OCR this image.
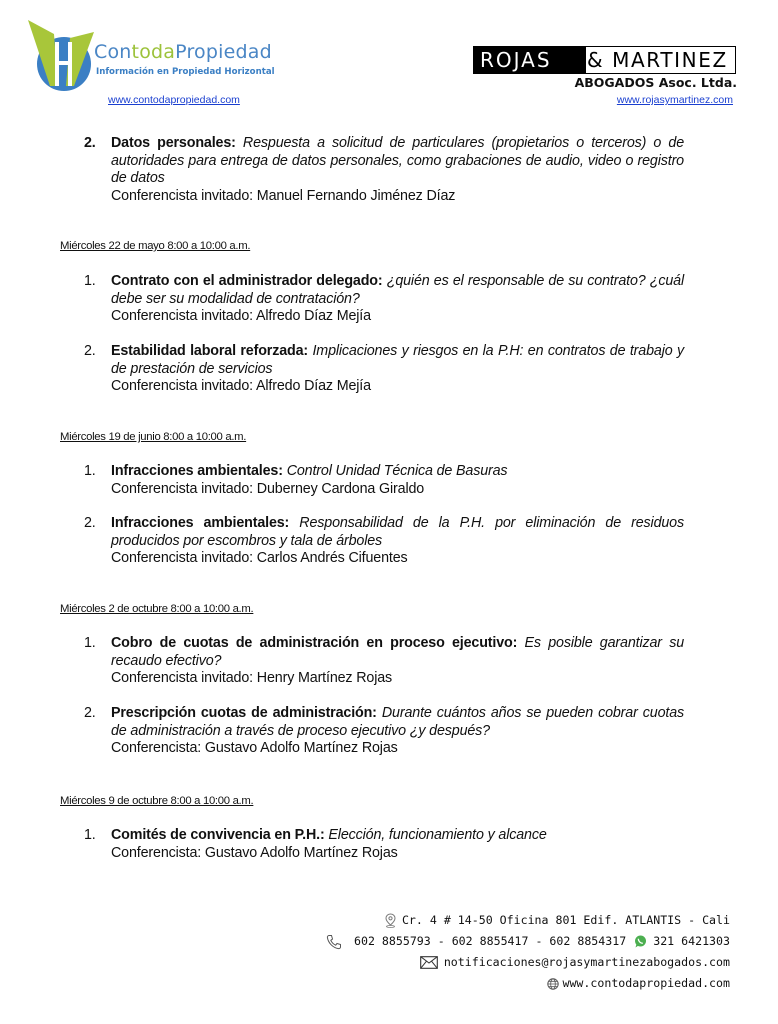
ContodaPropiedad
Información en Propiedad Horizontal
www.contodapropiedad.com
ROJAS	& MARTINEZ
ABOGADOS Asoc. Ltda.
www.rojasymartinez.com
2. Datos personales: Respuesta a solicitud de particulares (propietarios o terceros) o de autoridades para entrega de datos personales, como grabaciones de audio, video o registro de datos
Conferencista invitado: Manuel Fernando Jiménez Díaz
Miércoles 22 de mayo 8:00 a 10:00 a.m.
1. Contrato con el administrador delegado: ¿quién es el responsable de su contrato? ¿cuál debe ser su modalidad de contratación?
Conferencista invitado: Alfredo Díaz Mejía
2. Estabilidad laboral reforzada: Implicaciones y riesgos en la P.H: en contratos de trabajo y de prestación de servicios
Conferencista invitado: Alfredo Díaz Mejía
Miércoles 19 de junio 8:00 a 10:00 a.m.
1. Infracciones ambientales: Control Unidad Técnica de Basuras
Conferencista invitado: Duberney Cardona Giraldo
2. Infracciones ambientales: Responsabilidad de la P.H. por eliminación de residuos producidos por escombros y tala de árboles
Conferencista invitado: Carlos Andrés Cifuentes
Miércoles 2 de octubre 8:00 a 10:00 a.m.
1. Cobro de cuotas de administración en proceso ejecutivo: Es posible garantizar su recaudo efectivo?
Conferencista invitado: Henry Martínez Rojas
2. Prescripción cuotas de administración: Durante cuántos años se pueden cobrar cuotas de administración a través de proceso ejecutivo ¿y después?
Conferencista: Gustavo Adolfo Martínez Rojas
Miércoles 9 de octubre 8:00 a 10:00 a.m.
1. Comités de convivencia en P.H.: Elección, funcionamiento y alcance
Conferencista: Gustavo Adolfo Martínez Rojas
Cr. 4 # 14-50 Oficina 801 Edif. ATLANTIS - Cali
602 8855793 - 602 8855417 - 602 8854317 321 6421303
notificaciones@rojasymartinezabogados.com
www.contodapropiedad.com
